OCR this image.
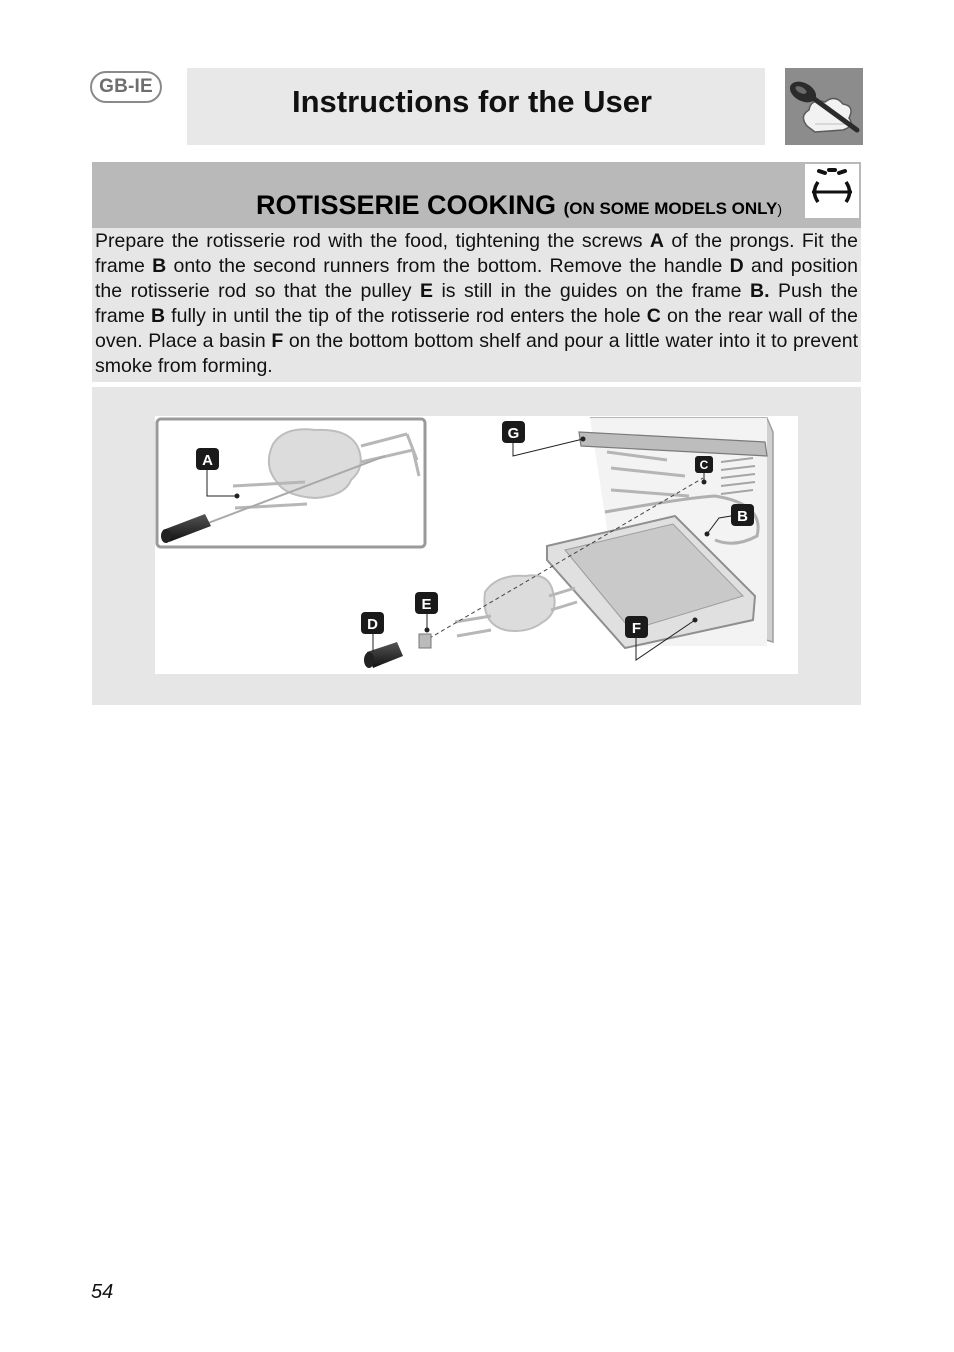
GB-IE	Instructions for the User
ROTISSERIE COOKING (ON SOME MODELS ONLY)

Prepare the rotisserie rod with the food, tightening the screws A of the prongs. Fit the frame B onto the second runners from the bottom. Remove the handle D and position the rotisserie rod so that the pulley E is still in the guides on the frame B. Push the frame B fully in until the tip of the rotisserie rod enters the hole C on the rear wall of the oven. Place a basin F on the bottom bottom shelf and pour a little water into it to prevent smoke from forming.

A
G
C
B
E
D	F
54
